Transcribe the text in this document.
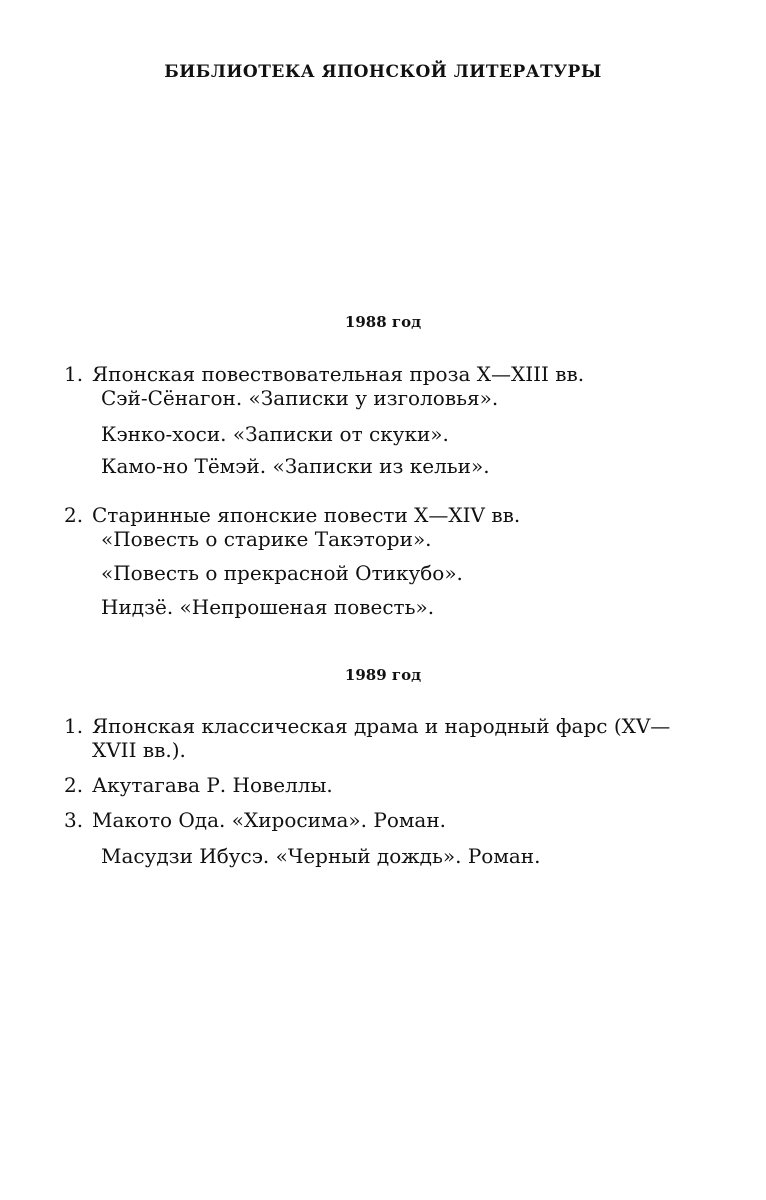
БИБЛИОТЕКА ЯПОНСКОЙ ЛИТЕРАТУРЫ
1988 год
1. Японская повествовательная проза X—XIII вв.
Сэй-Сёнагон. «Записки у изголовья».
Кэнко-хоси. «Записки от скуки».
Камо-но Тёмэй. «Записки из кельи».
2. Старинные японские повести X—XIV вв.
«Повесть о старике Такэтори».
«Повесть о прекрасной Отикубо».
Нидзё. «Непрошеная повесть».
1989 год
1. Японская классическая драма и народный фарс (XV—
XVII вв.).
2. Акутагава Р. Новеллы.
3. Макото Ода. «Хиросима». Роман.
Масудзи Ибусэ. «Черный дождь». Роман.
